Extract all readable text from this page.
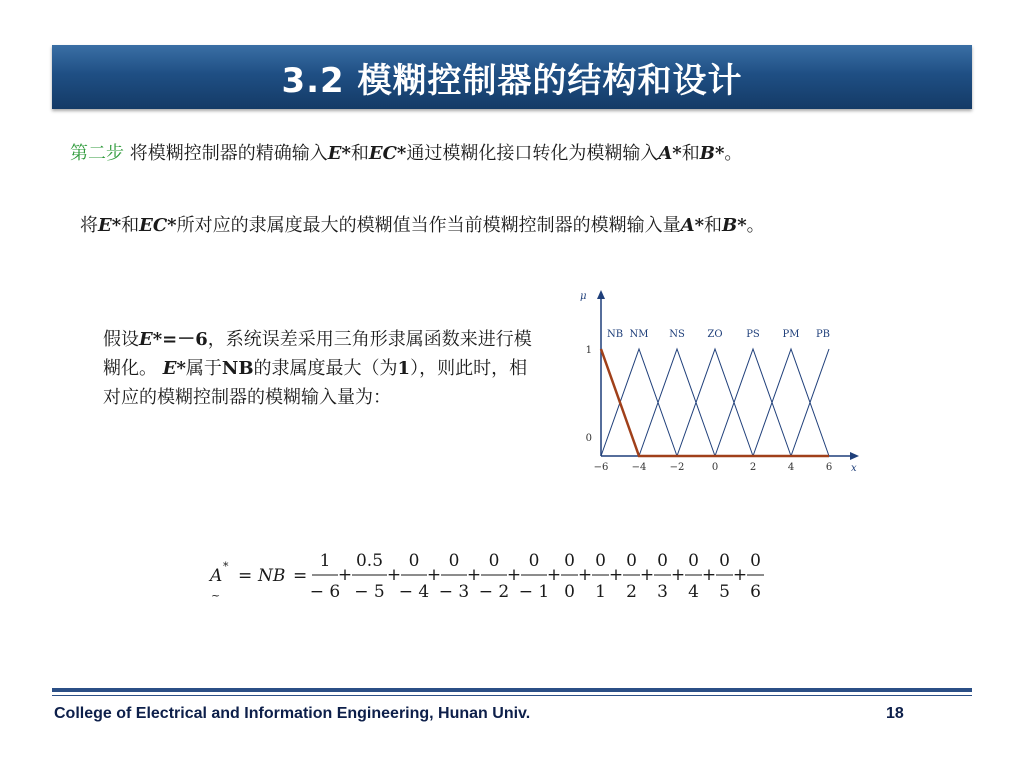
3.2 模糊控制器的结构和设计
第二步 将模糊控制器的精确输入E*和EC*通过模糊化接口转化为模糊输入A*和B*。
将E*和EC*所对应的隶属度最大的模糊值当作当前模糊控制器的模糊输入量A*和B*。
假设E*=－6，系统误差采用三角形隶属函数来进行模糊化。 E*属于NB的隶属度最大（为1），则此时，相对应的模糊控制器的模糊输入量为：
μ
x
1
0
−6 −4 −2	0	2	4	6
NB NM NS ZO PS PM PB
A *
~
= NB =
1
− 6
+
0.5
− 5
+
0
− 4
+
0
− 3
+
0
− 2
+
0
− 1
+
0
0
+
0
1
+
0
2
+
0
3
+
0
4
+
0
5
+
0
6
College of Electrical and Information Engineering, Hunan Univ.	18
